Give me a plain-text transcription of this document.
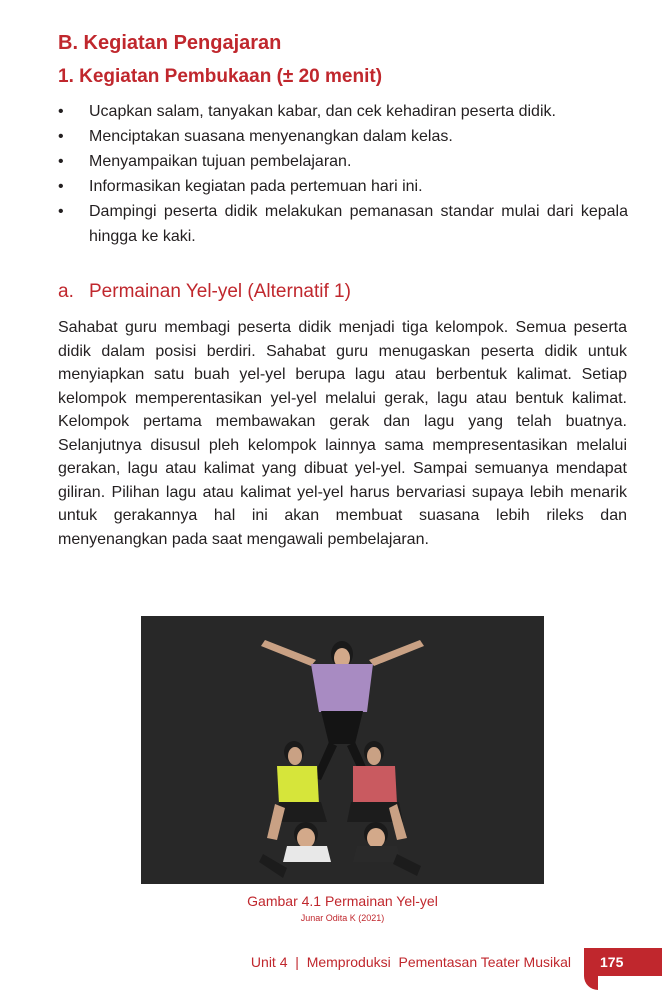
B. Kegiatan Pengajaran
1. Kegiatan Pembukaan (± 20 menit)
• Ucapkan salam, tanyakan kabar, dan cek kehadiran peserta didik.
• Menciptakan suasana menyenangkan dalam kelas.
• Menyampaikan tujuan pembelajaran.
• Informasikan kegiatan pada pertemuan hari ini.
• Dampingi peserta didik melakukan pemanasan standar mulai dari kepala hingga ke kaki.
a. Permainan Yel-yel (Alternatif 1)

Sahabat guru membagi peserta didik menjadi tiga kelompok. Semua peserta didik dalam posisi berdiri. Sahabat guru menugaskan peserta didik untuk menyiapkan satu buah yel-yel berupa lagu atau berbentuk kalimat. Setiap kelompok memperentasikan yel-yel melalui gerak, lagu atau bentuk kalimat. Kelompok pertama membawakan gerak dan lagu yang telah buatnya. Selanjutnya disusul pleh kelompok lainnya sama mempresentasikan melalui gerakan, lagu atau kalimat yang dibuat yel-yel. Sampai semuanya mendapat giliran. Pilihan lagu atau kalimat yel-yel harus bervariasi supaya lebih menarik untuk gerakannya hal ini akan membuat suasana lebih rileks dan menyenangkan pada saat mengawali pembelajaran.

Gambar 4.1 Permainan Yel-yel
Junar Odita K (2021)
Unit 4  |  Memproduksi  Pementasan Teater Musikal	175
